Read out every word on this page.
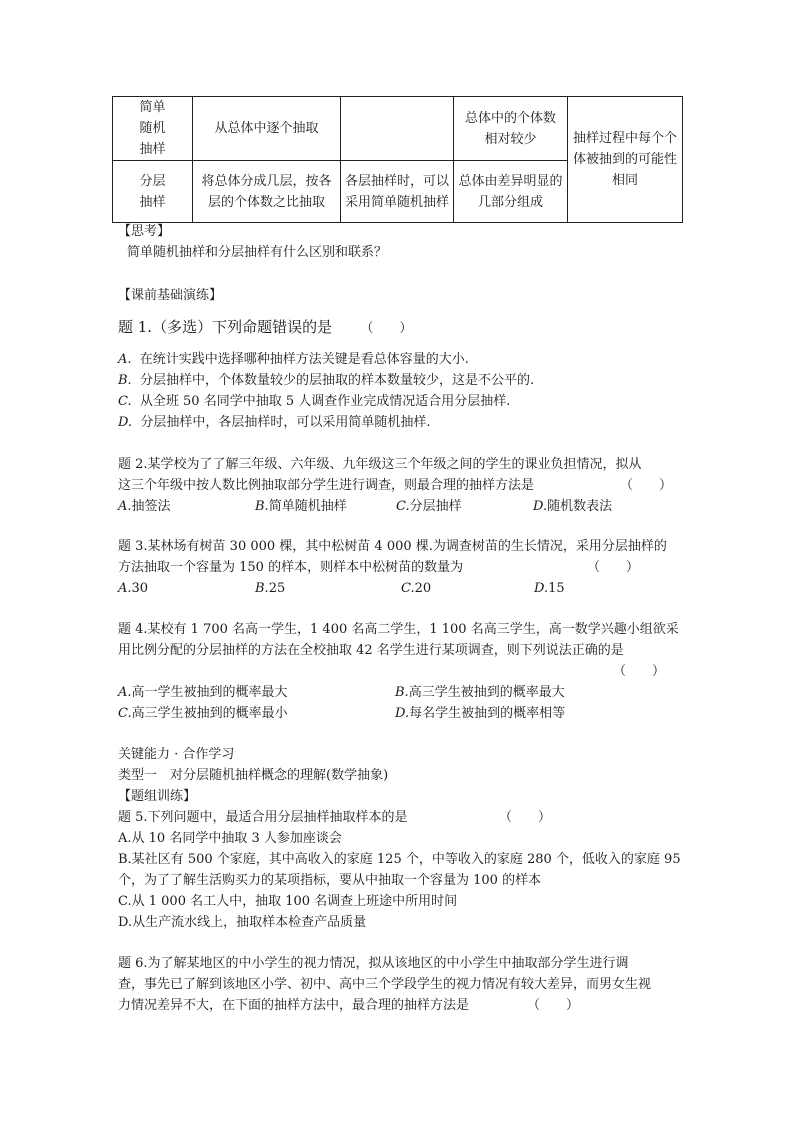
简单随机抽样	从总体中逐个抽取		总体中的个体数相对较少	抽样过程中每个个体被抽到的可能性相同
分层抽样	将总体分成几层，按各层的个体数之比抽取	各层抽样时，可以采用简单随机抽样	总体由差异明显的几部分组成	
【思考】
简单随机抽样和分层抽样有什么区别和联系？
【课前基础演练】
题 1.（多选）下列命题错误的是 （　　）
A. 在统计实践中选择哪种抽样方法关键是看总体容量的大小.
B. 分层抽样中，个体数量较少的层抽取的样本数量较少，这是不公平的.
C. 从全班 50 名同学中抽取 5 人调查作业完成情况适合用分层抽样.
D. 分层抽样中，各层抽样时，可以采用简单随机抽样.
题 2.某学校为了了解三年级、六年级、九年级这三个年级之间的学生的课业负担情况，拟从
这三个年级中按人数比例抽取部分学生进行调查，则最合理的抽样方法是	（　　）
A.抽签法	B.简单随机抽样	C.分层抽样	D.随机数表法
题 3.某林场有树苗 30 000 棵，其中松树苗 4 000 棵.为调查树苗的生长情况，采用分层抽样的
方法抽取一个容量为 150 的样本，则样本中松树苗的数量为	（　　）
A.30	B.25	C.20	D.15
题 4.某校有 1 700 名高一学生，1 400 名高二学生，1 100 名高三学生，高一数学兴趣小组欲采
用比例分配的分层抽样的方法在全校抽取 42 名学生进行某项调查，则下列说法正确的是
（　　）
A.高一学生被抽到的概率最大	B.高三学生被抽到的概率最大
C.高三学生被抽到的概率最小	D.每名学生被抽到的概率相等
关键能力 · 合作学习
类型一　对分层随机抽样概念的理解(数学抽象)
【题组训练】
题 5.下列问题中，最适合用分层抽样抽取样本的是	（　　）
A.从 10 名同学中抽取 3 人参加座谈会
B.某社区有 500 个家庭，其中高收入的家庭 125 个，中等收入的家庭 280 个，低收入的家庭 95
个，为了了解生活购买力的某项指标，要从中抽取一个容量为 100 的样本
C.从 1 000 名工人中，抽取 100 名调查上班途中所用时间
D.从生产流水线上，抽取样本检查产品质量
题 6.为了解某地区的中小学生的视力情况，拟从该地区的中小学生中抽取部分学生进行调
查，事先已了解到该地区小学、初中、高中三个学段学生的视力情况有较大差异，而男女生视
力情况差异不大，在下面的抽样方法中，最合理的抽样方法是	（　　）
